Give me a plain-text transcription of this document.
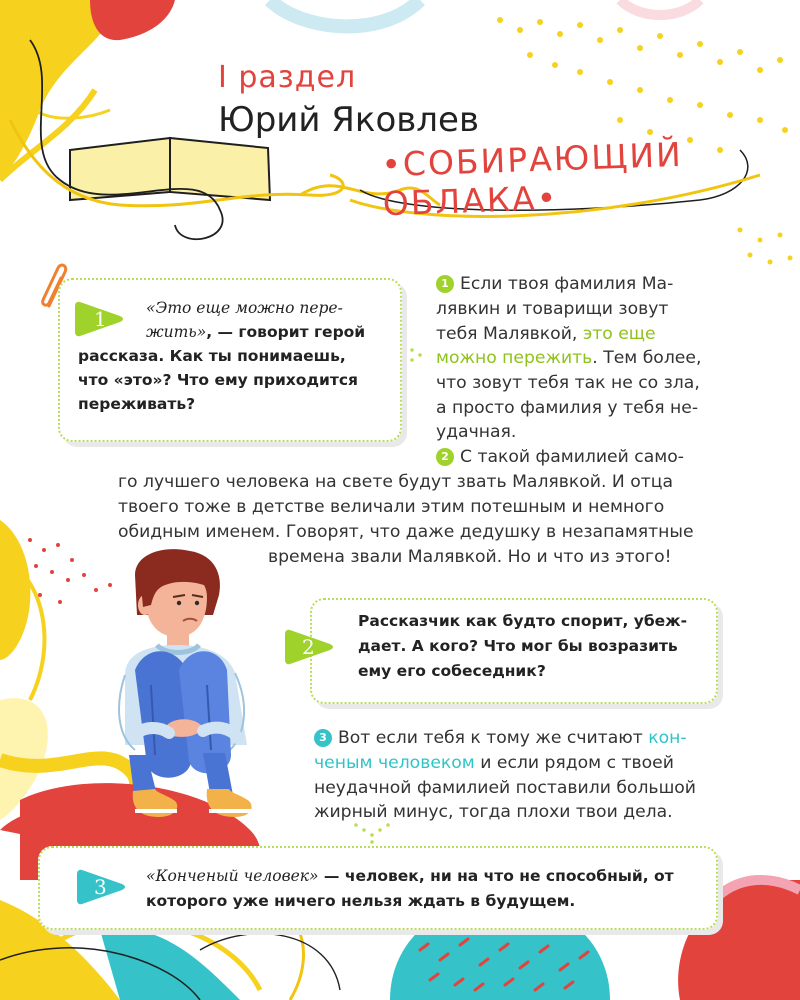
I раздел
Юрий Яковлев
•СОБИРАЮЩИЙ ОБЛАКА•
1	«Это еще можно пере-
жить», — говорит герой
рассказа. Как ты понимаешь,
что «это»? Что ему приходится
переживать?
1 Если твоя фамилия Ма-
лявкин и товарищи зовут
тебя Малявкой, это еще
можно пережить. Тем более,
что зовут тебя так не со зла,
а просто фамилия у тебя не-
удачная.
2 С такой фамилией само-
го лучшего человека на свете будут звать Малявкой. И отца
твоего тоже в детстве величали этим потешным и немного
обидным именем. Говорят, что даже дедушку в незапамятные
времена звали Малявкой. Но и что из этого!
2
Рассказчик как будто спорит, убеж-
дает. А кого? Что мог бы возразить
ему его собеседник?
3 Вот если тебя к тому же считают кон-
ченым человеком и если рядом с твоей
неудачной фамилией поставили большой
жирный минус, тогда плохи твои дела.
3	«Конченый человек» — человек, ни на что не способный, от
которого уже ничего нельзя ждать в будущем.
